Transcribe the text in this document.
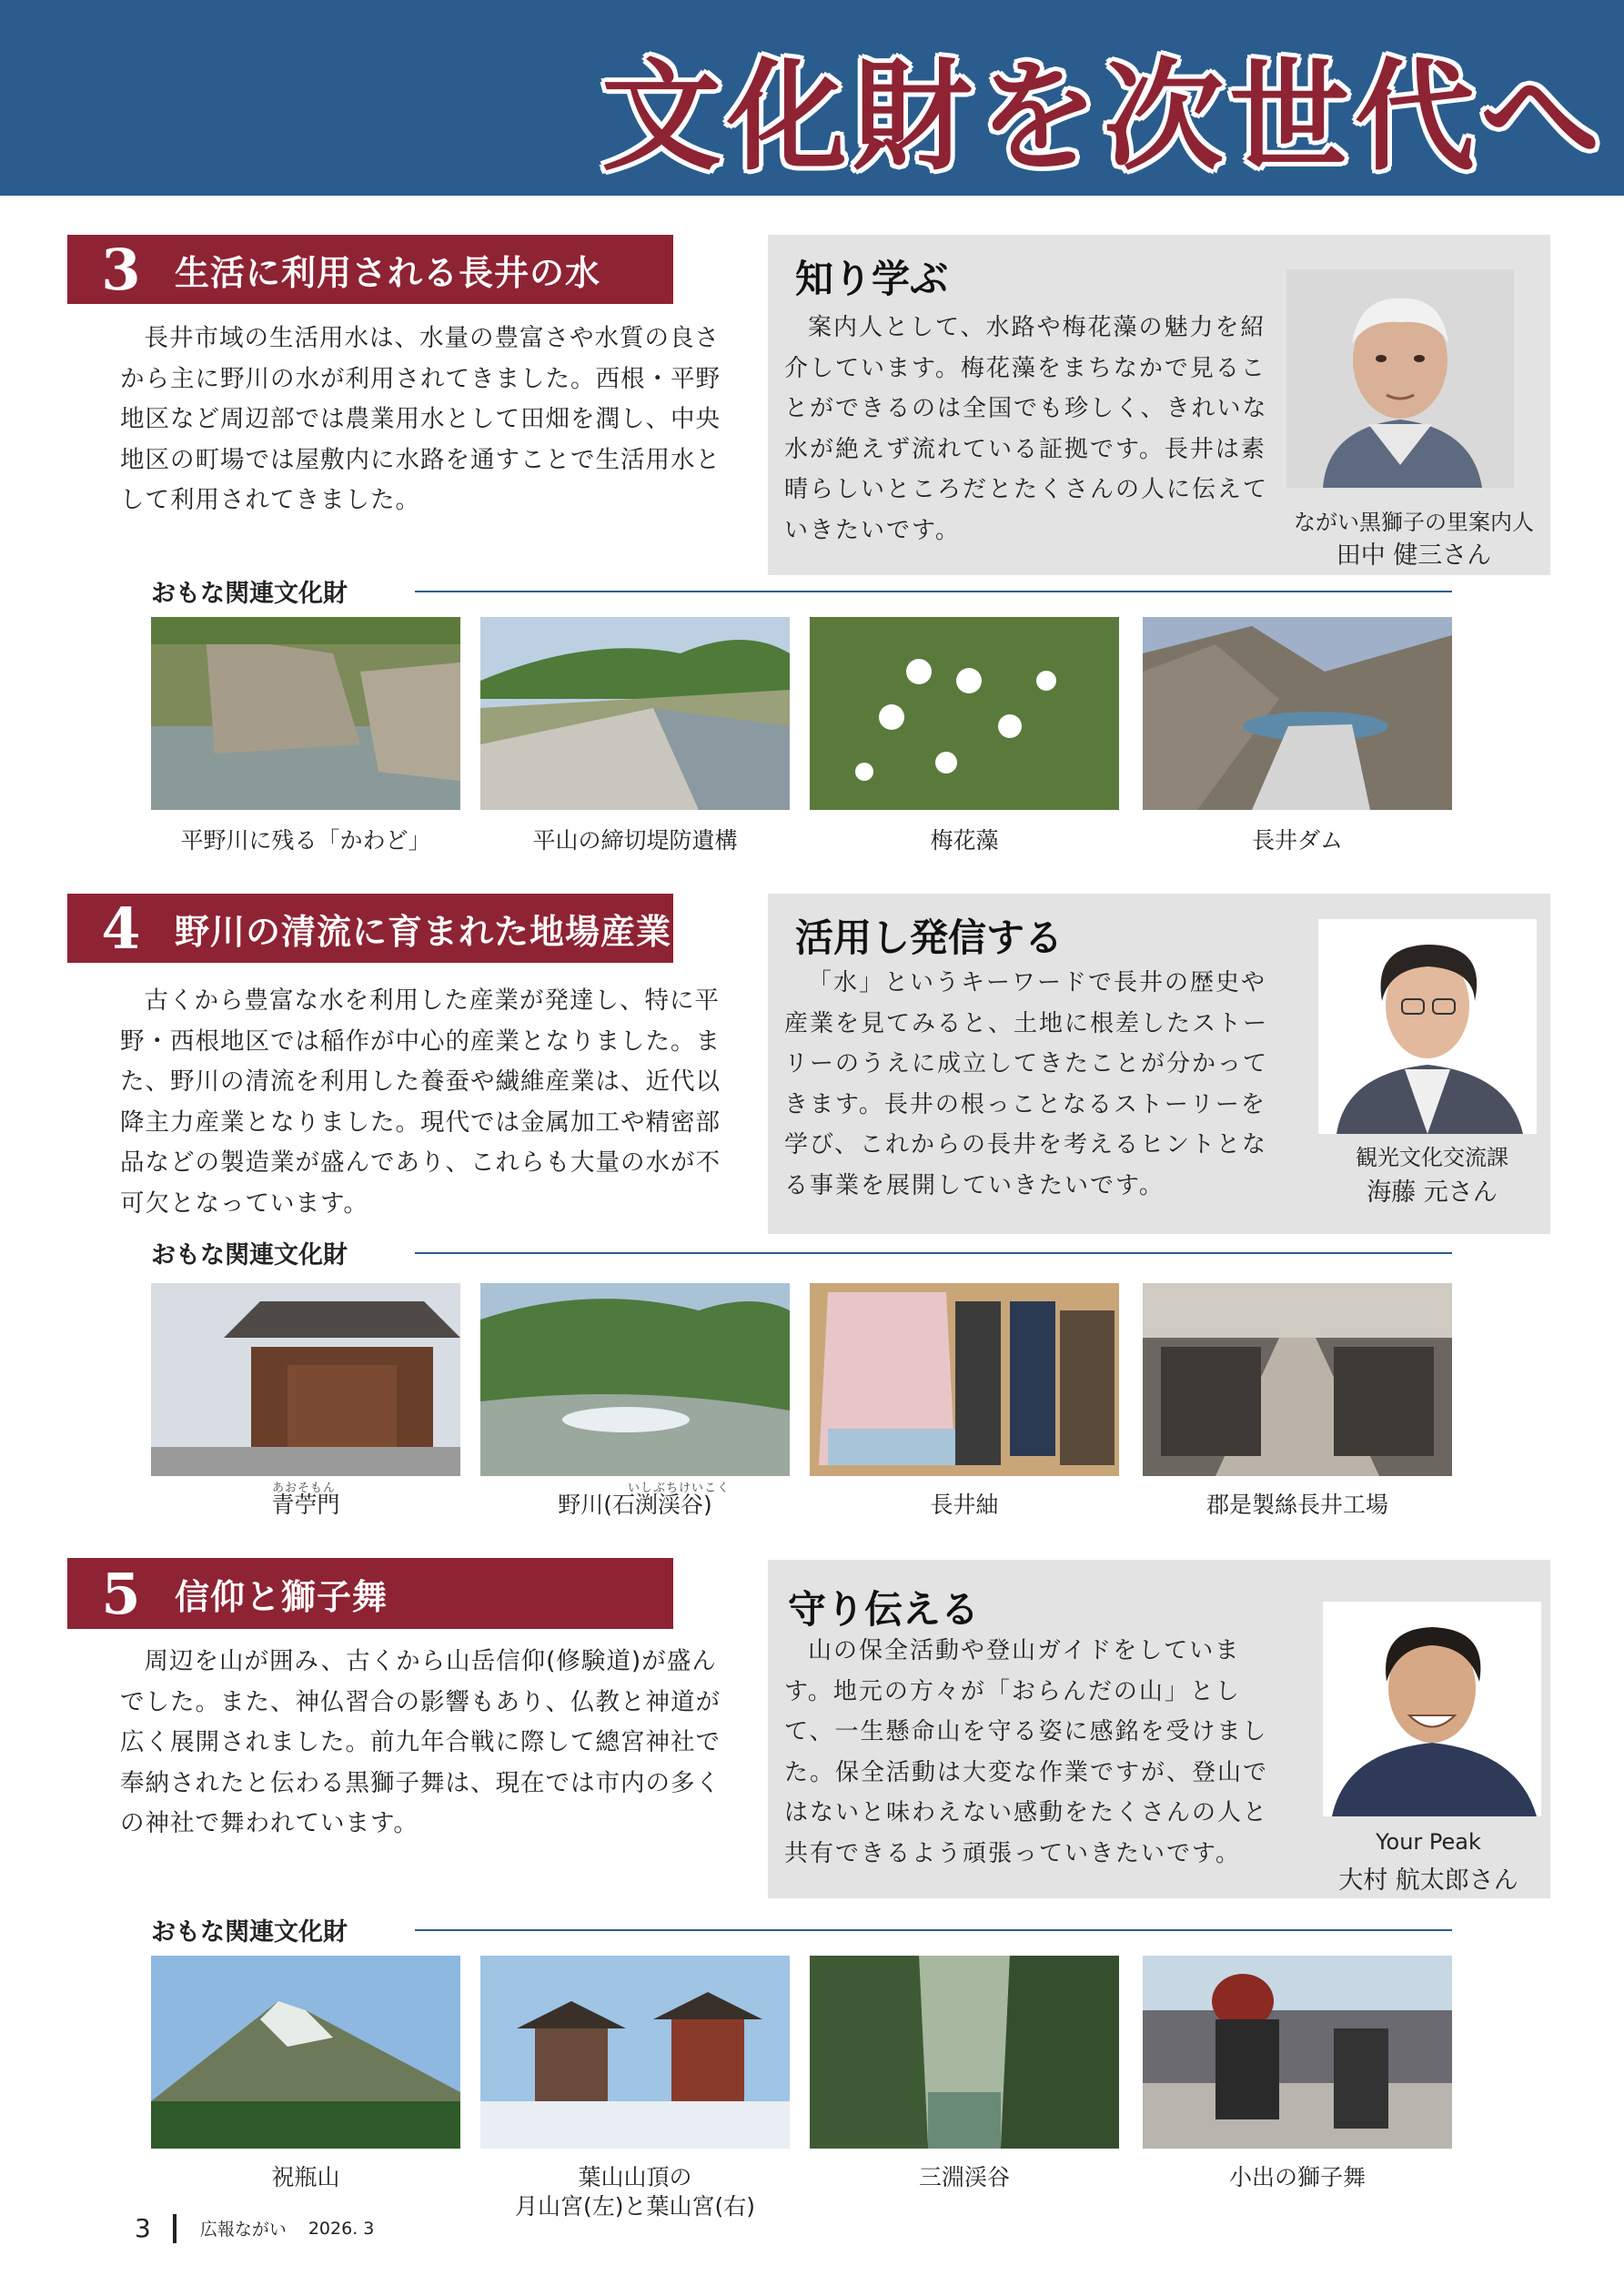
文化財を次世代へ
3 生活に利用される長井の水

長井市域の生活用水は、水量の豊富さや水質の良さから主に野川の水が利用されてきました。西根・平野地区など周辺部では農業用水として田畑を潤し、中央地区の町場では屋敷内に水路を通すことで生活用水として利用されてきました。

知り学ぶ

案内人として、水路や梅花藻の魅力を紹介しています。梅花藻をまちなかで見ることができるのは全国でも珍しく、きれいな水が絶えず流れている証拠です。長井は素晴らしいところだとたくさんの人に伝えていきたいです。	ながい黒獅子の里案内人
田中 健三さん
おもな関連文化財
平野川に残る「かわど」	平山の締切堤防遺構	梅花藻	長井ダム
4 野川の清流に育まれた地場産業

古くから豊富な水を利用した産業が発達し、特に平野・西根地区では稲作が中心的産業となりました。また、野川の清流を利用した養蚕や繊維産業は、近代以降主力産業となりました。現代では金属加工や精密部品などの製造業が盛んであり、これらも大量の水が不可欠となっています。

活用し発信する

「水」というキーワードで長井の歴史や産業を見てみると、土地に根差したストーリーのうえに成立してきたことが分かってきます。長井の根っことなるストーリーを学び、これからの長井を考えるヒントとなる事業を展開していきたいです。

観光文化交流課
海藤 元さん
おもな関連文化財
あおそもん	いしぶちけいこく
青苧門	野川(石渕渓谷)	長井紬	郡是製絲長井工場
5 信仰と獅子舞

周辺を山が囲み、古くから山岳信仰(修験道)が盛んでした。また、神仏習合の影響もあり、仏教と神道が広く展開されました。前九年合戦に際して總宮神社で奉納されたと伝わる黒獅子舞は、現在では市内の多くの神社で舞われています。

守り伝える

山の保全活動や登山ガイドをしています。地元の方々が「おらんだの山」として、一生懸命山を守る姿に感銘を受けました。保全活動は大変な作業ですが、登山ではないと味わえない感動をたくさんの人と共有できるよう頑張っていきたいです。	Your Peak
大村 航太郎さん
おもな関連文化財
祝瓶山	葉山山頂の
月山宮(左)と葉山宮(右)
三淵渓谷	小出の獅子舞
3	広報ながい 2026. 3
